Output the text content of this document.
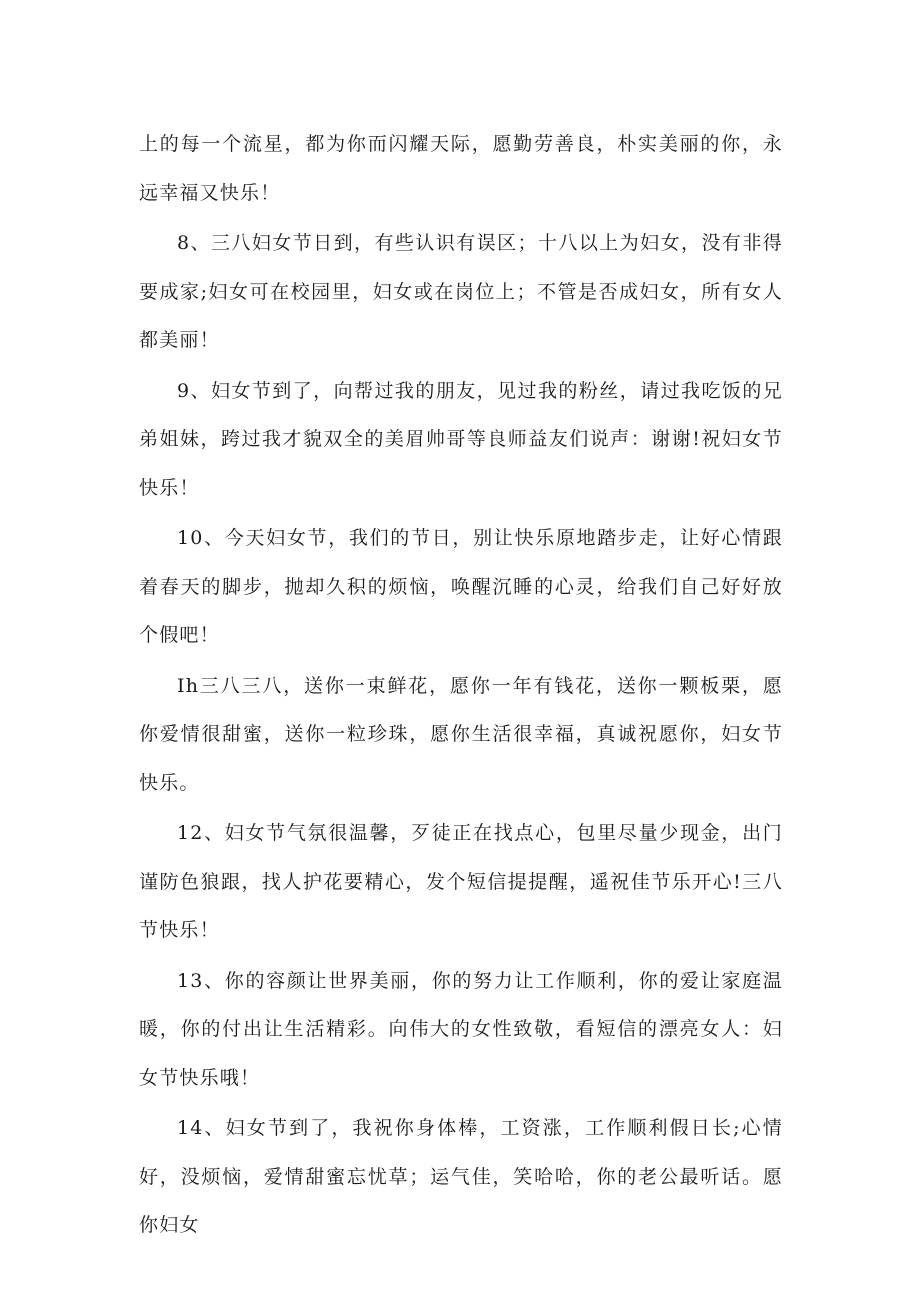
上的每一个流星，都为你而闪耀天际，愿勤劳善良，朴实美丽的你，永远幸福又快乐！

8、三八妇女节日到，有些认识有误区；十八以上为妇女，没有非得要成家;妇女可在校园里，妇女或在岗位上；不管是否成妇女，所有女人都美丽！

9、妇女节到了，向帮过我的朋友，见过我的粉丝，请过我吃饭的兄弟姐妹，跨过我才貌双全的美眉帅哥等良师益友们说声：谢谢!祝妇女节快乐！

10、今天妇女节，我们的节日，别让快乐原地踏步走，让好心情跟着春天的脚步，抛却久积的烦恼，唤醒沉睡的心灵，给我们自己好好放个假吧！

Ih三八三八，送你一束鲜花，愿你一年有钱花，送你一颗板栗，愿你爱情很甜蜜，送你一粒珍珠，愿你生活很幸福，真诚祝愿你，妇女节快乐。

12、妇女节气氛很温馨，歹徒正在找点心，包里尽量少现金，出门谨防色狼跟，找人护花要精心，发个短信提提醒，遥祝佳节乐开心!三八节快乐！

13、你的容颜让世界美丽，你的努力让工作顺利，你的爱让家庭温暖，你的付出让生活精彩。向伟大的女性致敬，看短信的漂亮女人：妇女节快乐哦！

14、妇女节到了，我祝你身体棒，工资涨，工作顺利假日长;心情好，没烦恼，爱情甜蜜忘忧草；运气佳，笑哈哈，你的老公最听话。愿你妇女
